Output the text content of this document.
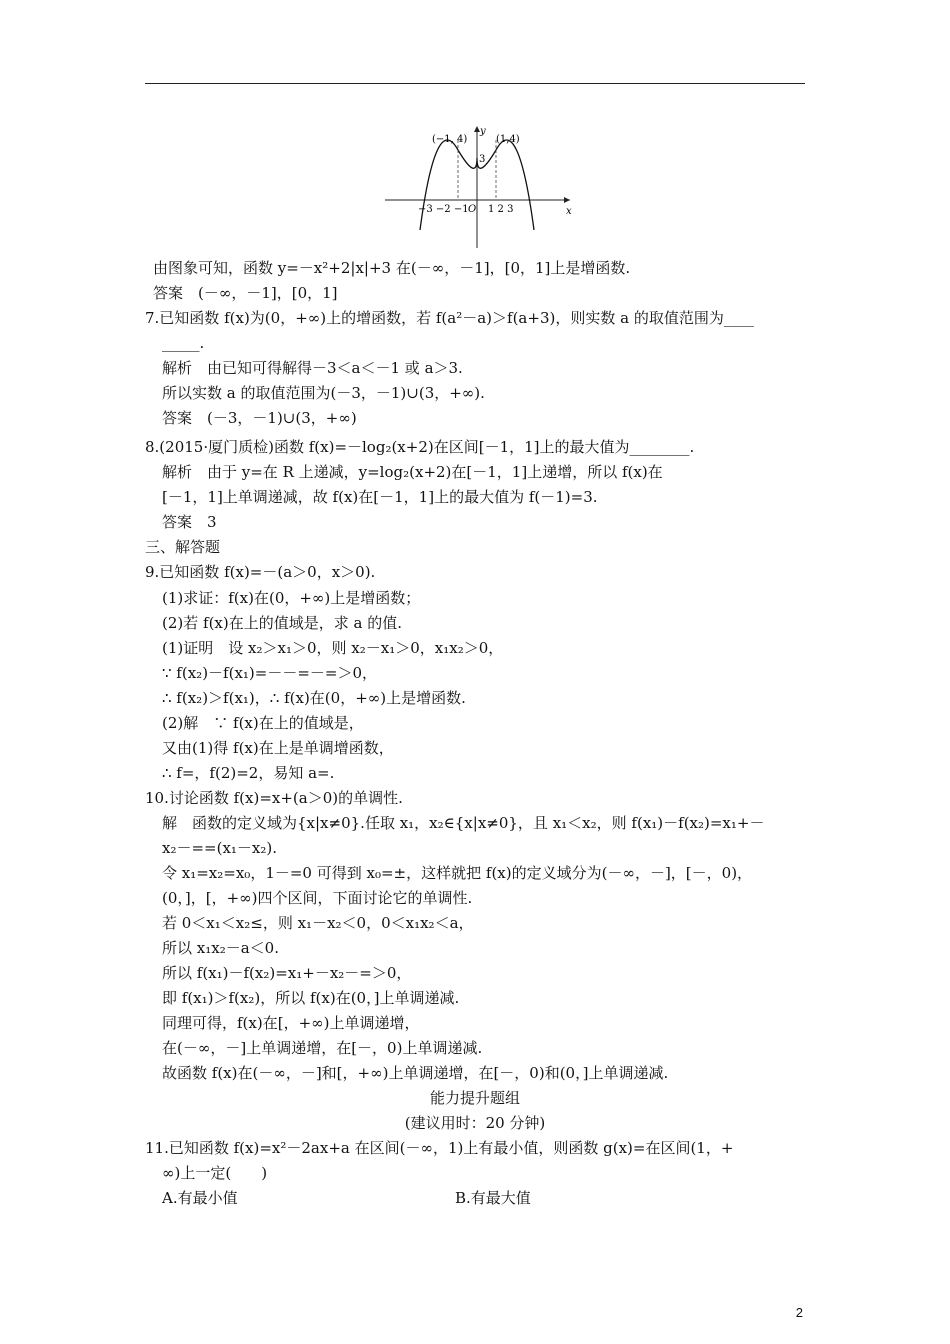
(−1, 4)	(1,4)
y
x
3
O
−3 −2 −1 1 2 3
由图象可知，函数 y=－x²+2|x|+3 在(－∞，－1]，[0，1]上是增函数.
答案　(－∞，－1]，[0，1]
7.已知函数 f(x)为(0，+∞)上的增函数，若 f(a²－a)＞f(a+3)，则实数 a 的取值范围为____
_____.
解析　由已知可得解得－3＜a＜－1 或 a＞3.
所以实数 a 的取值范围为(－3，－1)∪(3，+∞).
答案　(－3，－1)∪(3，+∞)
8.(2015·厦门质检)函数 f(x)=－log₂(x+2)在区间[－1，1]上的最大值为________.
解析　由于 y=在 R 上递减，y=log₂(x+2)在[－1，1]上递增，所以 f(x)在
[－1，1]上单调递减，故 f(x)在[－1，1]上的最大值为 f(－1)=3.
答案　3
三、解答题
9.已知函数 f(x)=－(a＞0，x＞0).
(1)求证：f(x)在(0，+∞)上是增函数；
(2)若 f(x)在上的值域是，求 a 的值.
(1)证明　设 x₂＞x₁＞0，则 x₂－x₁＞0，x₁x₂＞0，
∵ f(x₂)－f(x₁)=－－=－=＞0，
∴ f(x₂)＞f(x₁)，∴ f(x)在(0，+∞)上是增函数.
(2)解　∵ f(x)在上的值域是，
又由(1)得 f(x)在上是单调增函数，
∴ f=，f(2)=2，易知 a=.
10.讨论函数 f(x)=x+(a＞0)的单调性.
解　函数的定义域为{x|x≠0}.任取 x₁，x₂∈{x|x≠0}，且 x₁＜x₂，则 f(x₁)－f(x₂)=x₁+－
x₂－==(x₁－x₂).
令 x₁=x₂=x₀，1－=0 可得到 x₀=±，这样就把 f(x)的定义域分为(－∞，－]，[－，0)，
(0，]，[，+∞)四个区间，下面讨论它的单调性.
若 0＜x₁＜x₂≤，则 x₁－x₂＜0，0＜x₁x₂＜a，
所以 x₁x₂－a＜0.
所以 f(x₁)－f(x₂)=x₁+－x₂－=＞0，
即 f(x₁)＞f(x₂)，所以 f(x)在(0，]上单调递减.
同理可得，f(x)在[，+∞)上单调递增，
在(－∞，－]上单调递增，在[－，0)上单调递减.
故函数 f(x)在(－∞，－]和[，+∞)上单调递增，在[－，0)和(0，]上单调递减.
能力提升题组
(建议用时：20 分钟)
11.已知函数 f(x)=x²－2ax+a 在区间(－∞，1)上有最小值，则函数 g(x)=在区间(1，+
∞)上一定(　　)
A.有最小值	B.有最大值
2
